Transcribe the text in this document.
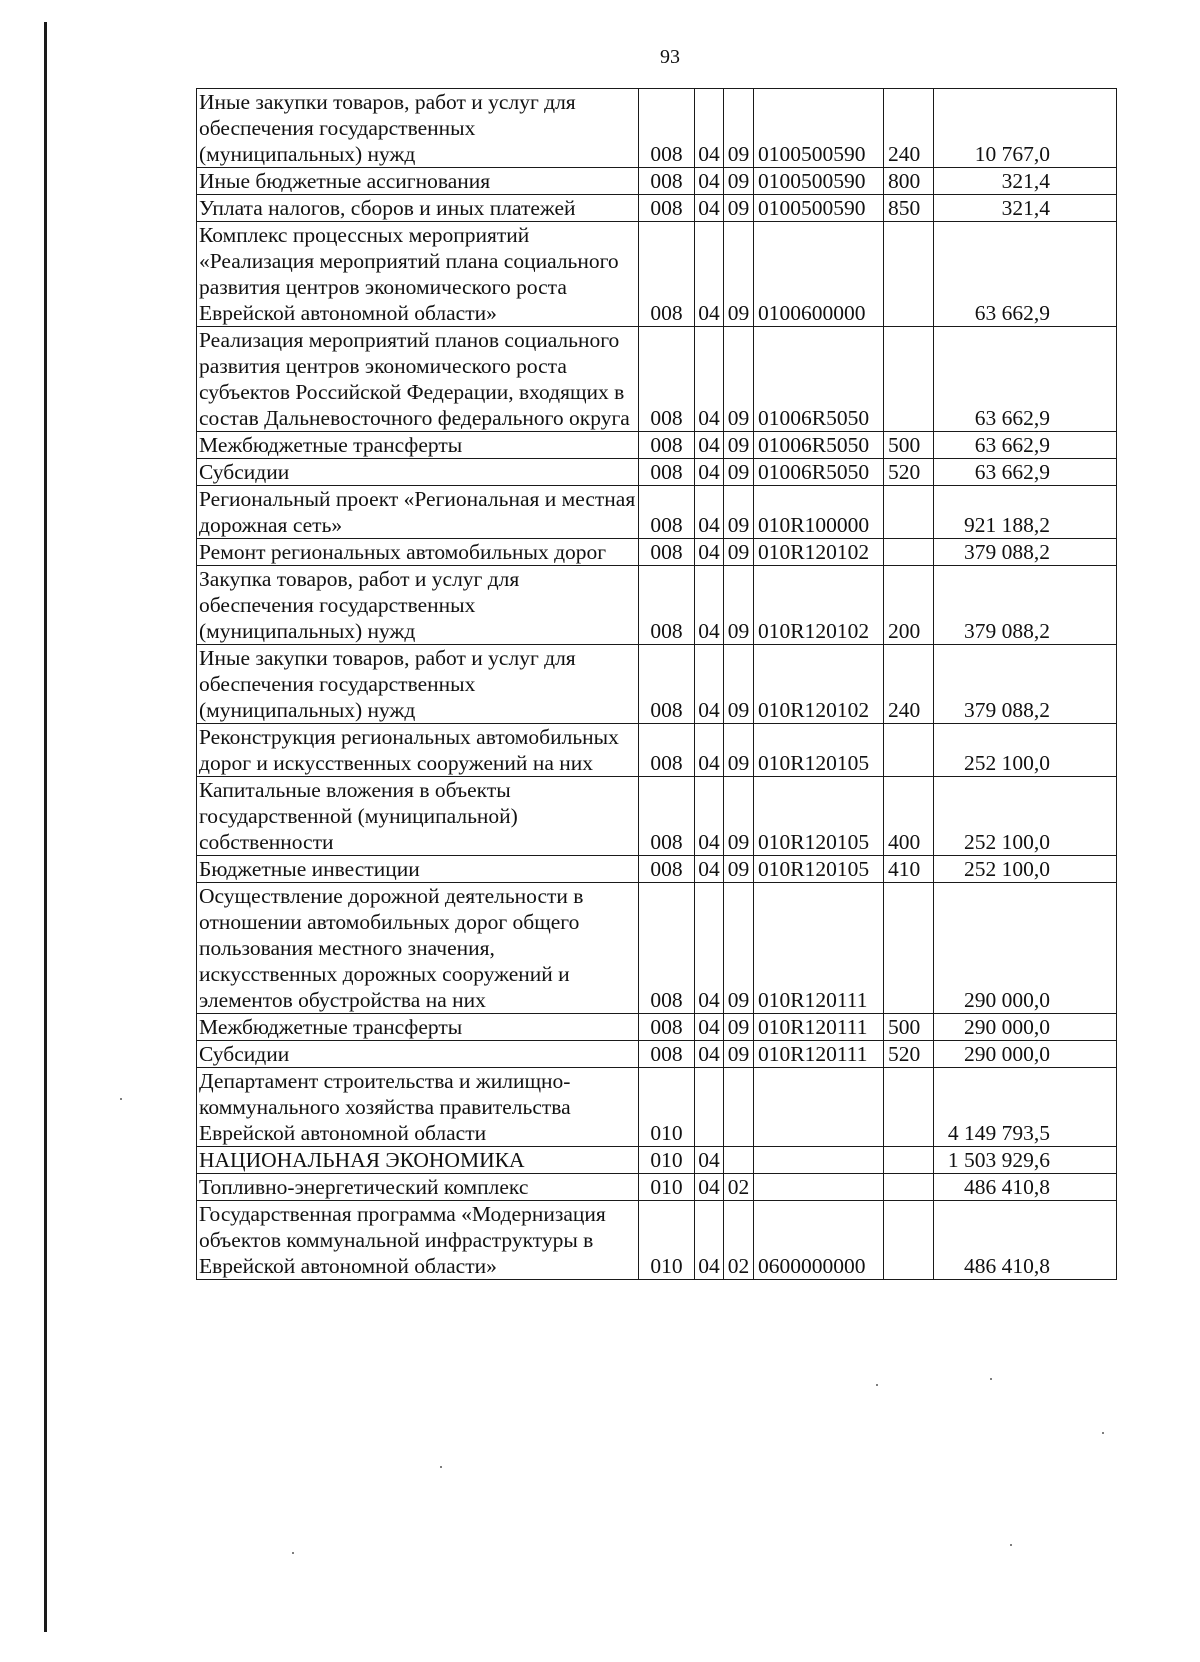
93
Иные закупки товаров, работ и услуг для обеспечения государственных (муниципальных) нужд	008	04	09	0100500590	240	10 767,0
Иные бюджетные ассигнования	008	04	09	0100500590	800	321,4
Уплата налогов, сборов и иных платежей	008	04	09	0100500590	850	321,4
Комплекс процессных мероприятий «Реализация мероприятий плана социального развития центров экономического роста Еврейской автономной области»	008	04	09	0100600000		63 662,9
Реализация мероприятий планов социального развития центров экономического роста субъектов Российской Федерации, входящих в состав Дальневосточного федерального округа	008	04	09	01006R5050		63 662,9
Межбюджетные трансферты	008	04	09	01006R5050	500	63 662,9
Субсидии	008	04	09	01006R5050	520	63 662,9
Региональный проект «Региональная и местная дорожная сеть»	008	04	09	010R100000		921 188,2
Ремонт региональных автомобильных дорог	008	04	09	010R120102		379 088,2
Закупка товаров, работ и услуг для обеспечения государственных (муниципальных) нужд	008	04	09	010R120102	200	379 088,2
Иные закупки товаров, работ и услуг для обеспечения государственных (муниципальных) нужд	008	04	09	010R120102	240	379 088,2
Реконструкция региональных автомобильных дорог и искусственных сооружений на них	008	04	09	010R120105		252 100,0
Капитальные вложения в объекты государственной (муниципальной) собственности	008	04	09	010R120105	400	252 100,0
Бюджетные инвестиции	008	04	09	010R120105	410	252 100,0
Осуществление дорожной деятельности в отношении автомобильных дорог общего пользования местного значения, искусственных дорожных сооружений и элементов обустройства на них	008	04	09	010R120111		290 000,0
Межбюджетные трансферты	008	04	09	010R120111	500	290 000,0
Субсидии	008	04	09	010R120111	520	290 000,0
Департамент строительства и жилищно-коммунального хозяйства правительства Еврейской автономной области	010					4 149 793,5
НАЦИОНАЛЬНАЯ ЭКОНОМИКА	010	04				1 503 929,6
Топливно-энергетический комплекс	010	04	02			486 410,8
Государственная программа «Модернизация объектов коммунальной инфраструктуры в Еврейской автономной области»	010	04	02	0600000000		486 410,8
